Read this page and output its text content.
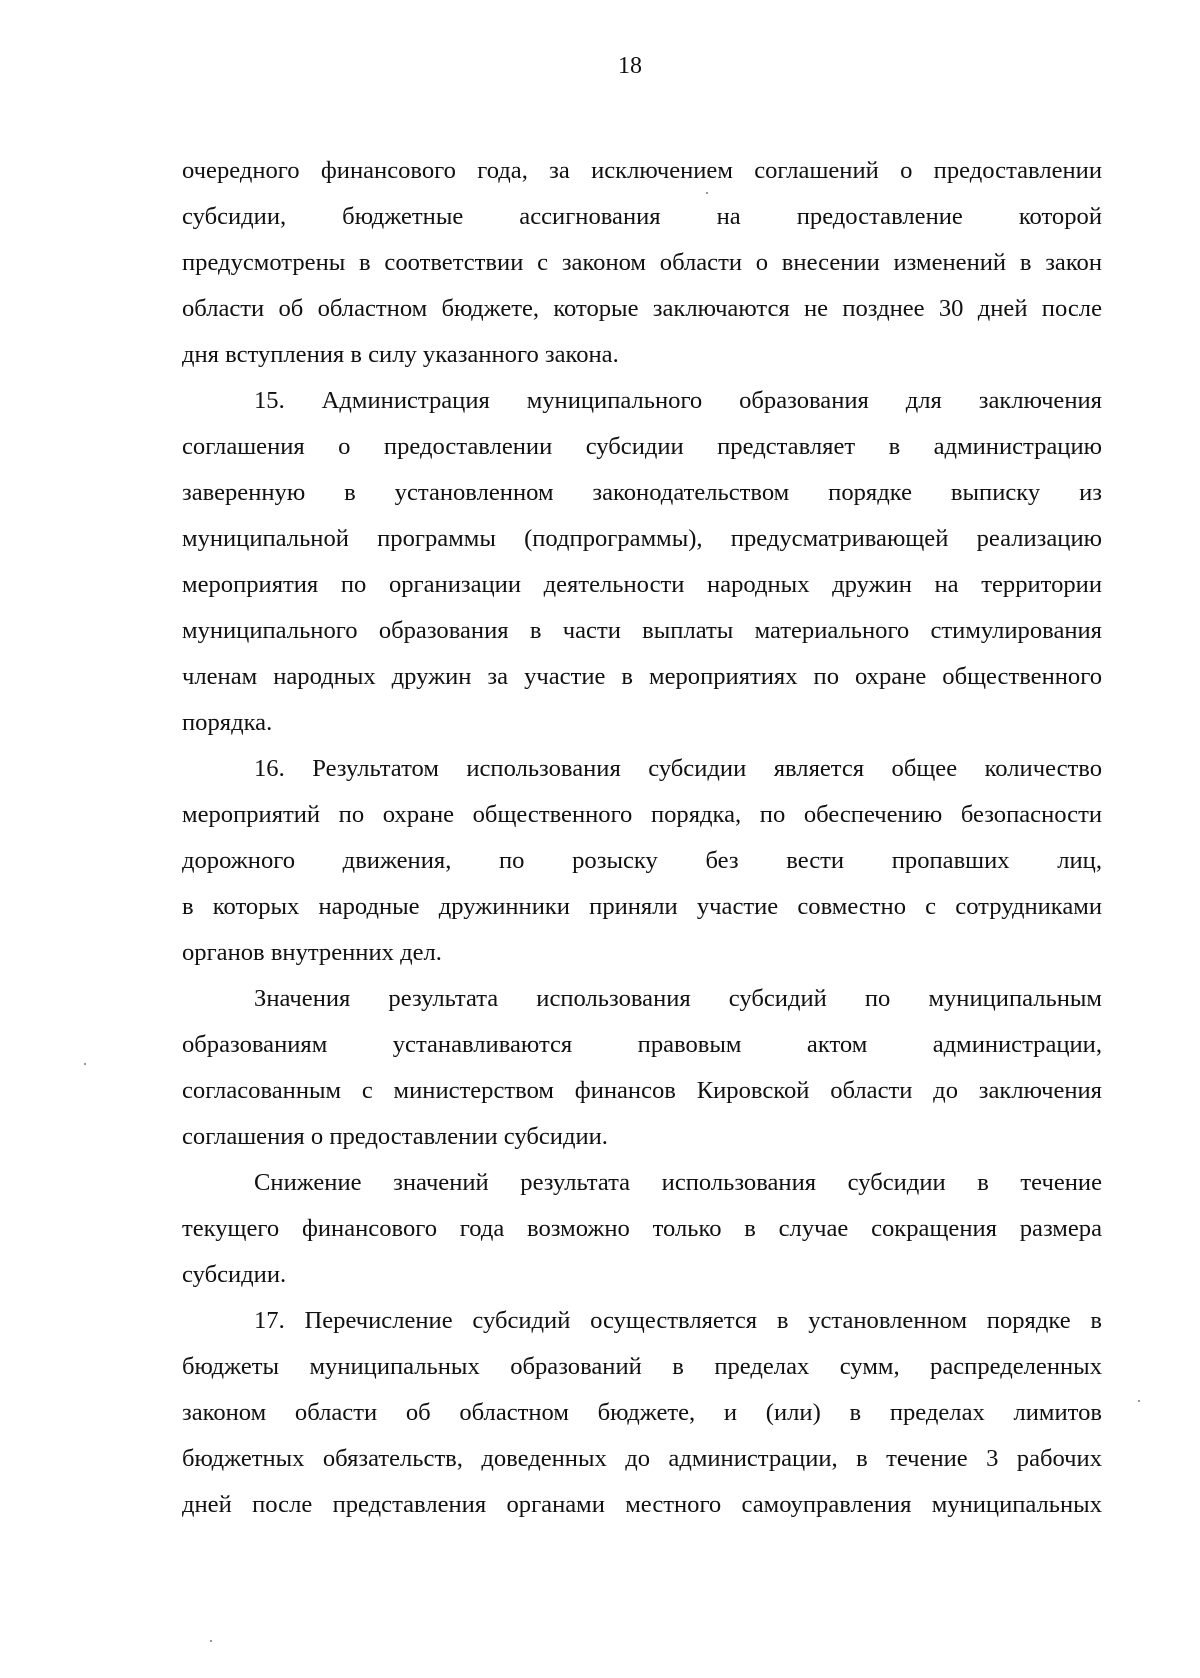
18
очередного финансового года, за исключением соглашений о предоставлении
субсидии, бюджетные ассигнования на предоставление которой
предусмотрены в соответствии с законом области о внесении изменений в закон
области об областном бюджете, которые заключаются не позднее 30 дней после
дня вступления в силу указанного закона.
15. Администрация муниципального образования для заключения
соглашения о предоставлении субсидии представляет в администрацию
заверенную в установленном законодательством порядке выписку из
муниципальной программы (подпрограммы), предусматривающей реализацию
мероприятия по организации деятельности народных дружин на территории
муниципального образования в части выплаты материального стимулирования
членам народных дружин за участие в мероприятиях по охране общественного
порядка.
16. Результатом использования субсидии является общее количество
мероприятий по охране общественного порядка, по обеспечению безопасности
дорожного движения, по розыску без вести пропавших лиц,
в которых народные дружинники приняли участие совместно с сотрудниками
органов внутренних дел.
Значения результата использования субсидий по муниципальным
образованиям устанавливаются правовым актом администрации,
согласованным с министерством финансов Кировской области до заключения
соглашения о предоставлении субсидии.
Снижение значений результата использования субсидии в течение
текущего финансового года возможно только в случае сокращения размера
субсидии.
17. Перечисление субсидий осуществляется в установленном порядке в
бюджеты муниципальных образований в пределах сумм, распределенных
законом области об областном бюджете, и (или) в пределах лимитов
бюджетных обязательств, доведенных до администрации, в течение 3 рабочих
дней после представления органами местного самоуправления муниципальных
